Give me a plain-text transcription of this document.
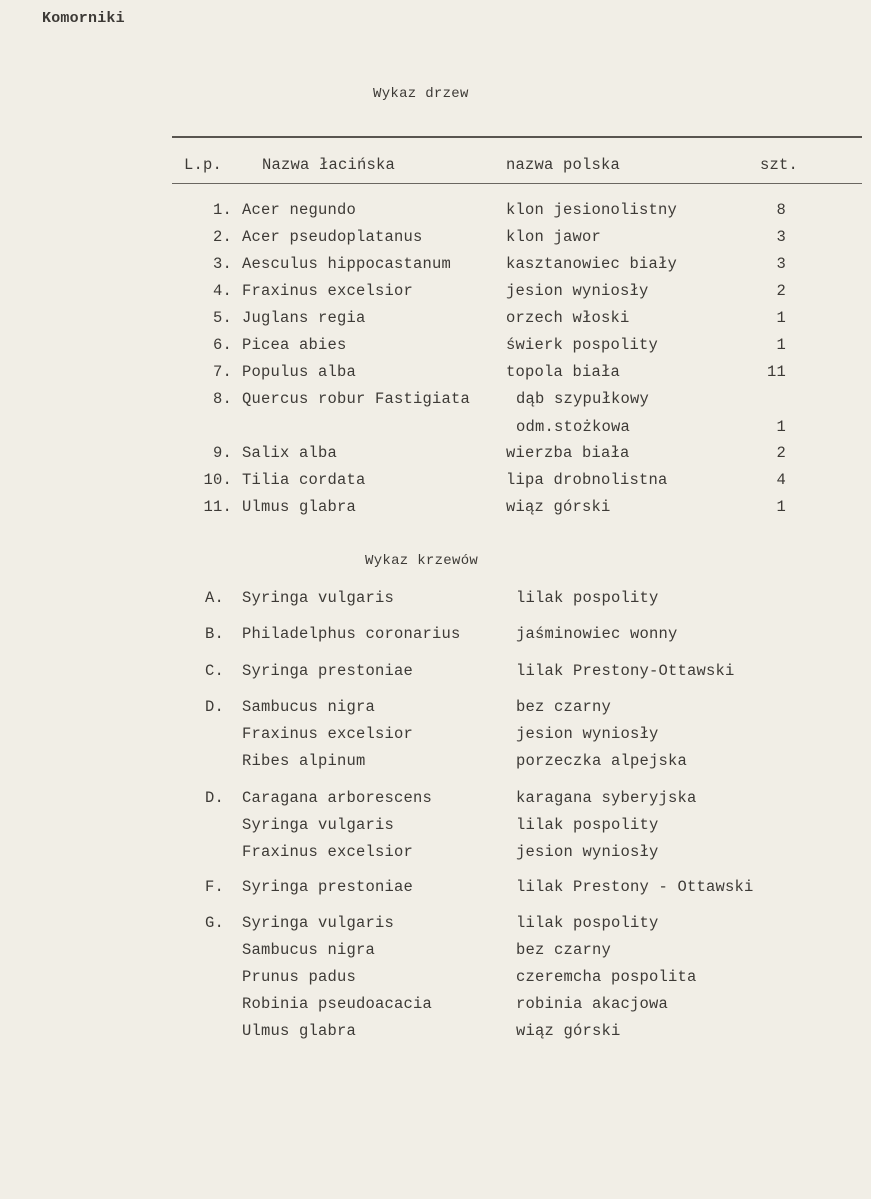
Komorniki
Wykaz drzew
L.p.	Nazwa łacińska	nazwa polska	szt.
1. Acer negundo	klon jesionolistny	8
2. Acer pseudoplatanus	klon jawor	3
3. Aesculus hippocastanum	kasztanowiec biały	3
4. Fraxinus excelsior	jesion wyniosły	2
5. Juglans regia	orzech włoski	1
6. Picea abies	świerk pospolity	1
7. Populus alba	topola biała	11
8. Quercus robur Fastigiata	dąb szypułkowy
odm.stożkowa	1
9. Salix alba	wierzba biała	2
10. Tilia cordata	lipa drobnolistna	4
11. Ulmus glabra	wiąz górski	1
Wykaz krzewów
A.	Syringa vulgaris	lilak pospolity
B.	Philadelphus coronarius	jaśminowiec wonny
C.	Syringa prestoniae	lilak Prestony-Ottawski
D.	Sambucus nigra	bez czarny
Fraxinus excelsior	jesion wyniosły
Ribes alpinum	porzeczka alpejska
D.	Caragana arborescens	karagana syberyjska
Syringa vulgaris	lilak pospolity
Fraxinus excelsior	jesion wyniosły
F.	Syringa prestoniae	lilak Prestony - Ottawski
G.	Syringa vulgaris	lilak pospolity
Sambucus nigra	bez czarny
Prunus padus	czeremcha pospolita
Robinia pseudoacacia	robinia akacjowa
Ulmus glabra	wiąz górski
